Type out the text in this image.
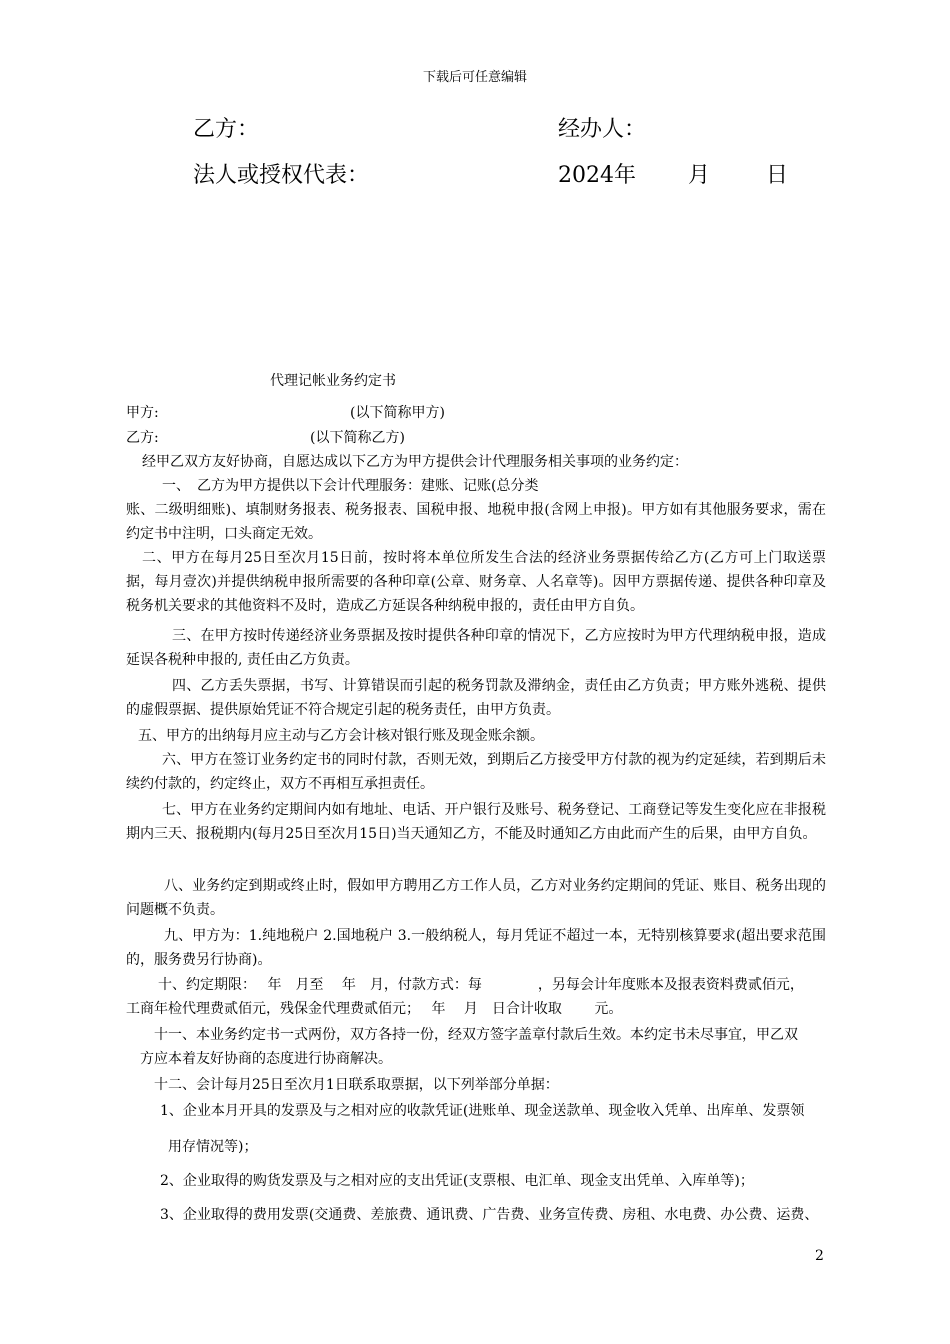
下载后可任意编辑
乙方：	经办人：
法人或授权代表：	2024年 月	日
代理记帐业务约定书
甲方:	(以下简称甲方)
乙方:	(以下简称乙方)
经甲乙双方友好协商，自愿达成以下乙方为甲方提供会计代理服务相关事项的业务约定：
一、　乙方为甲方提供以下会计代理服务：建账、记账(总分类
账、二级明细账)、填制财务报表、税务报表、国税申报、地税申报(含网上申报)。甲方如有其他服务要求，需在约定书中注明，口头商定无效。
二、甲方在每月25日至次月15日前，按时将本单位所发生合法的经济业务票据传给乙方(乙方可上门取送票据，每月壹次)并提供纳税申报所需要的各种印章(公章、财务章、人名章等)。因甲方票据传递、提供各种印章及税务机关要求的其他资料不及时，造成乙方延误各种纳税申报的，责任由甲方自负。
三、在甲方按时传递经济业务票据及按时提供各种印章的情况下，乙方应按时为甲方代理纳税申报，造成延误各税种申报的, 责任由乙方负责。
四、乙方丢失票据，书写、计算错误而引起的税务罚款及滞纳金，责任由乙方负责；甲方账外逃税、提供的虚假票据、提供原始凭证不符合规定引起的税务责任，由甲方负责。
五、甲方的出纳每月应主动与乙方会计核对银行账及现金账余额。
六、甲方在签订业务约定书的同时付款，否则无效，到期后乙方接受甲方付款的视为约定延续，若到期后未续约付款的，约定终止，双方不再相互承担责任。
七、甲方在业务约定期间内如有地址、电话、开户银行及账号、税务登记、工商登记等发生变化应在非报税期内三天、报税期内(每月25日至次月15日)当天通知乙方，不能及时通知乙方由此而产生的后果，由甲方自负。
八、业务约定到期或终止时，假如甲方聘用乙方工作人员，乙方对业务约定期间的凭证、账目、税务出现的问题概不负责。
九、甲方为：1.纯地税户 2.国地税户 3.一般纳税人，每月凭证不超过一本，无特别核算要求(超出要求范围的，服务费另行协商)。
十、约定期限：　 年　月至　 年　月，付款方式：每　　　　，另每会计年度账本及报表资料费贰佰元，
工商年检代理费贰佰元，残保金代理费贰佰元；　 年　 月　日合计收取　　 元。
十一、本业务约定书一式两份，双方各持一份，经双方签字盖章付款后生效。本约定书未尽事宜，甲乙双
方应本着友好协商的态度进行协商解决。
十二、会计每月25日至次月1日联系取票据，以下列举部分单据：
1、企业本月开具的发票及与之相对应的收款凭证(进账单、现金送款单、现金收入凭单、出库单、发票领
用存情况等)；
2、企业取得的购货发票及与之相对应的支出凭证(支票根、电汇单、现金支出凭单、入库单等)；
3、企业取得的费用发票(交通费、差旅费、通讯费、广告费、业务宣传费、房租、水电费、办公费、运费、
2
